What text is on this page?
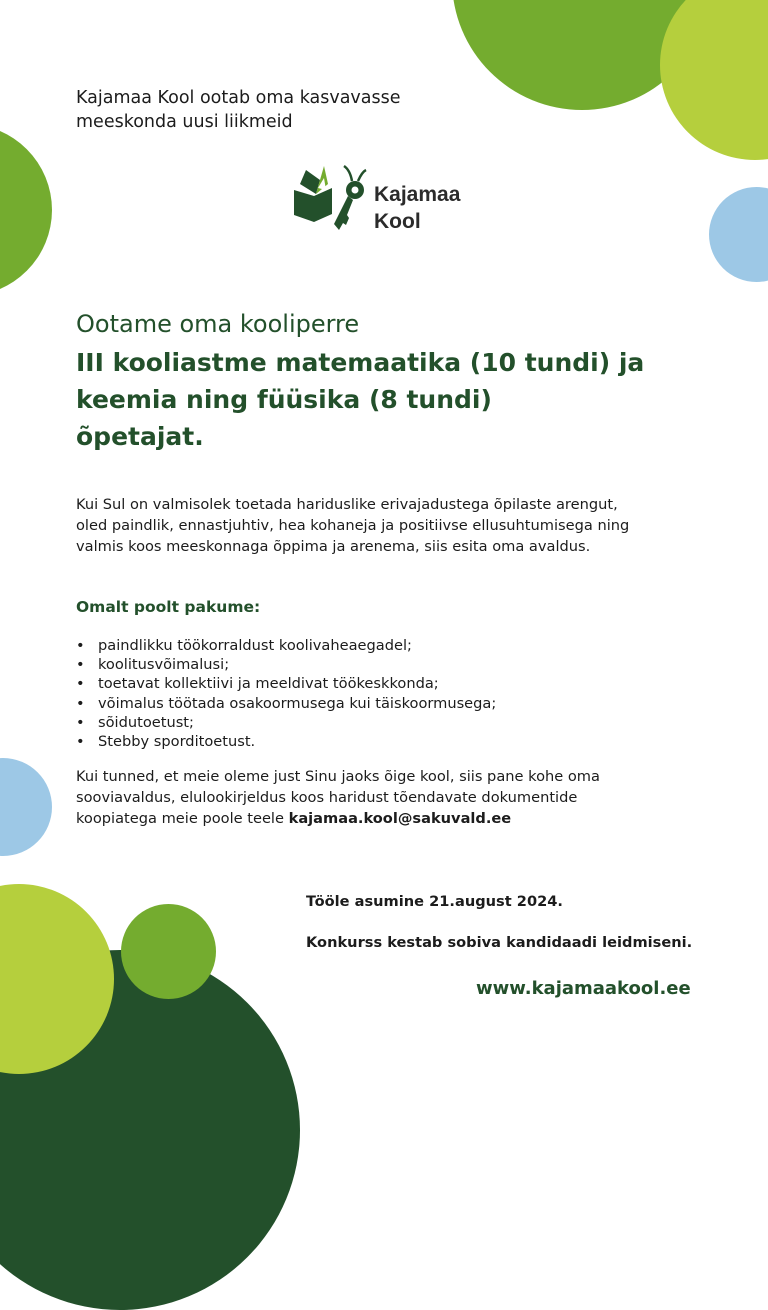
Kajamaa Kool ootab oma kasvavasse
meeskonda uusi liikmeid
Kajamaa
Kool
Ootame oma kooliperre
III kooliastme matemaatika (10 tundi) ja
keemia ning füüsika (8 tundi)
õpetajat.
Kui Sul on valmisolek toetada hariduslike erivajadustega õpilaste arengut,
oled paindlik, ennastjuhtiv, hea kohaneja ja positiivse ellusuhtumisega ning
valmis koos meeskonnaga õppima ja arenema, siis esita oma avaldus.
Omalt poolt pakume:
• paindlikku töökorraldust koolivaheaegadel;
• koolitusvõimalusi;
• toetavat kollektiivi ja meeldivat töökeskkonda;
• võimalus töötada osakoormusega kui täiskoormusega;
• sõidutoetust;
• Stebby sporditoetust.
Kui tunned, et meie oleme just Sinu jaoks õige kool, siis pane kohe oma
sooviavaldus, elulookirjeldus koos haridust tõendavate dokumentide
koopiatega meie poole teele kajamaa.kool@sakuvald.ee
Tööle asumine 21.august 2024.
Konkurss kestab sobiva kandidaadi leidmiseni.
www.kajamaakool.ee
